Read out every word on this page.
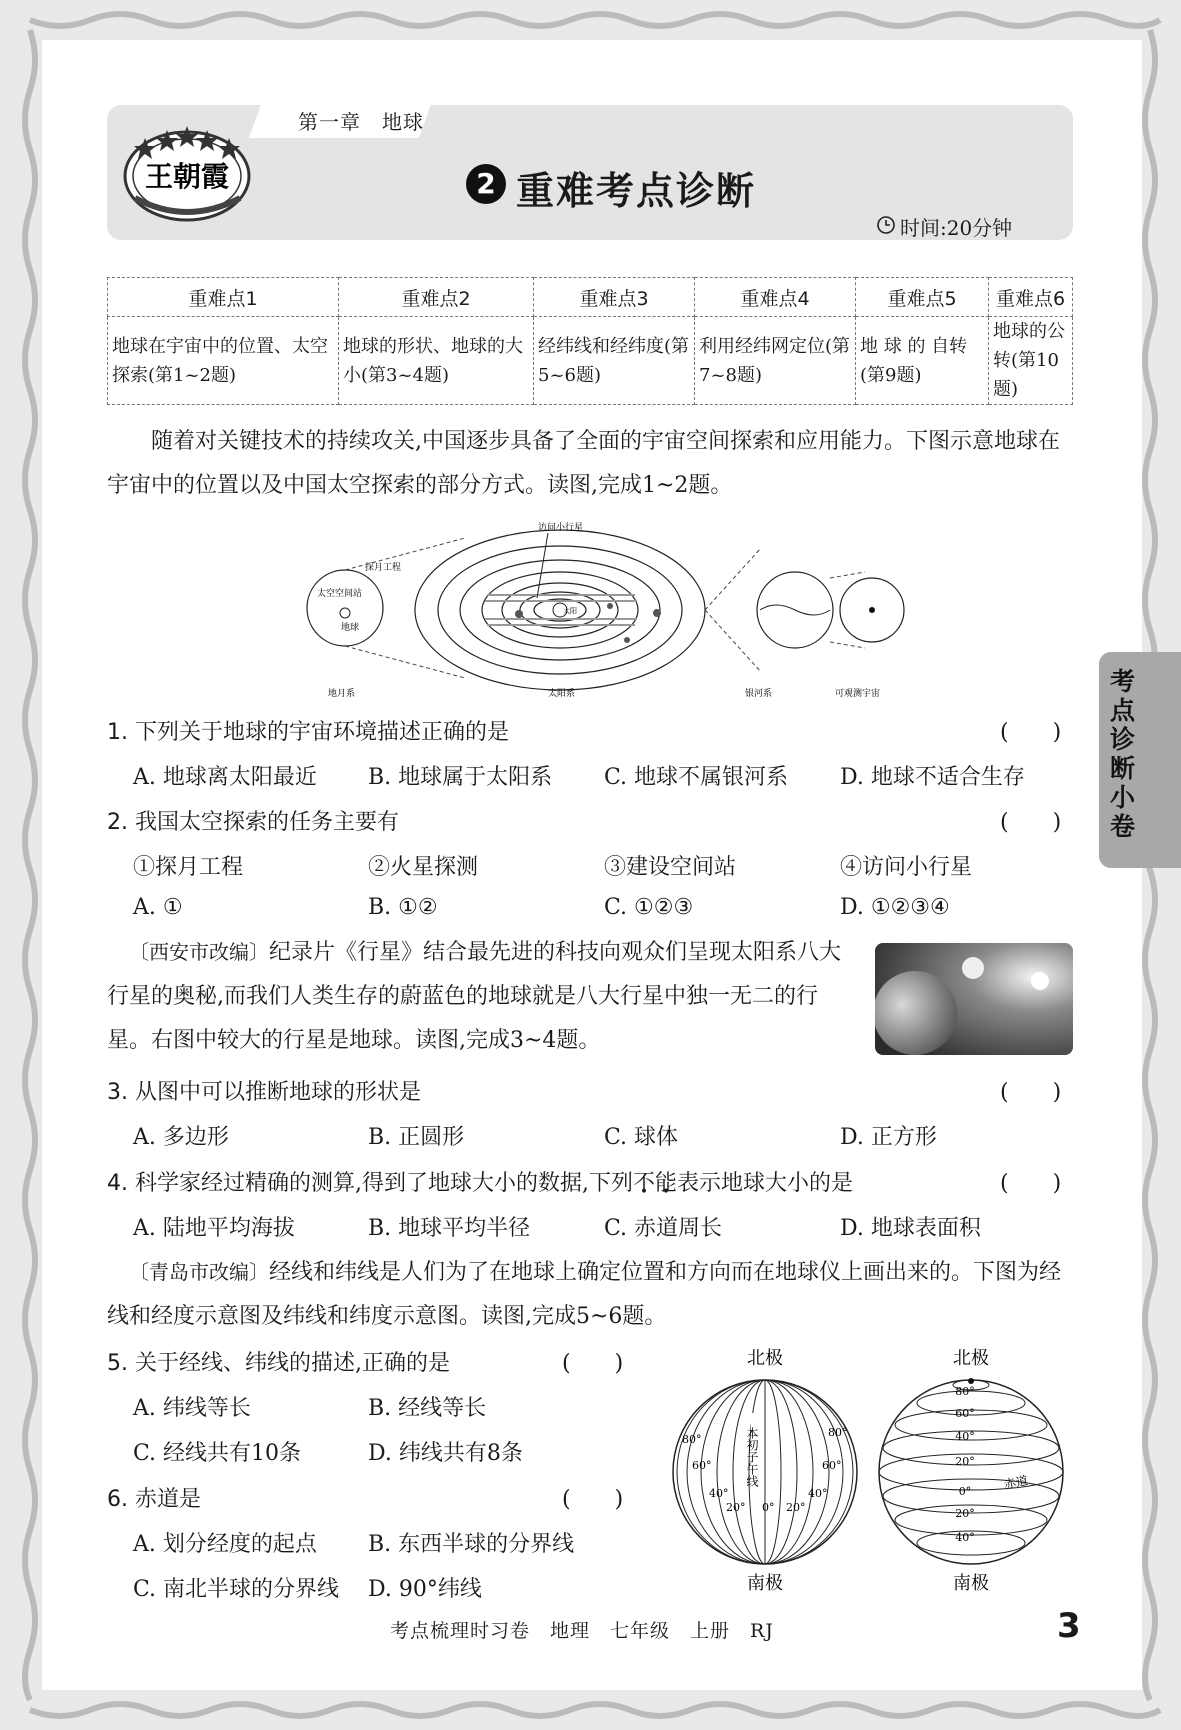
第一章　地球
王朝霞	2 重难考点诊断
时间:20分钟
重难点1	重难点2	重难点3	重难点4	重难点5	重难点6
地球在宇宙中的位置、太空探索(第1~2题)	地球的形状、地球的大小(第3~4题)	经纬线和经纬度(第5~6题)	利用经纬网定位(第7~8题)	地 球 的 自转(第9题)	地球的公转(第10题)
随着对关键技术的持续攻关,中国逐步具备了全面的宇宙空间探索和应用能力。下图示意地球在宇宙中的位置以及中国太空探索的部分方式。读图,完成1~2题。
太空空间站
地球
探月工程
太阳
访问小行星
地月系	太阳系	银河系	可观测宇宙	考点诊断小卷
1. 下列关于地球的宇宙环境描述正确的是	(　　)
A. 地球离太阳最近 B. 地球属于太阳系 C. 地球不属银河系 D. 地球不适合生存
2. 我国太空探索的任务主要有	(　　)
①探月工程	②火星探测	③建设空间站	④访问小行星
A. ①	B. ①②	C. ①②③	D. ①②③④
〔西安市改编〕纪录片《行星》结合最先进的科技向观众们呈现太阳系八大行星的奥秘,而我们人类生存的蔚蓝色的地球就是八大行星中独一无二的行星。右图中较大的行星是地球。读图,完成3~4题。
3. 从图中可以推断地球的形状是	(　　)
A. 多边形	B. 正圆形	C. 球体	D. 正方形
4. 科学家经过精确的测算,得到了地球大小的数据,下列不能表示地球大小的是	(　　)
A. 陆地平均海拔	B. 地球平均半径	C. 赤道周长	D. 地球表面积
〔青岛市改编〕经线和纬线是人们为了在地球上确定位置和方向而在地球仪上画出来的。下图为经线和经度示意图及纬线和纬度示意图。读图,完成5~6题。
5. 关于经线、纬线的描述,正确的是	(　　)
A. 纬线等长	B. 经线等长
C. 经线共有10条	D. 纬线共有8条
6. 赤道是	(　　)
A. 划分经度的起点 B. 东西半球的分界线
C. 南北半球的分界线 D. 90°纬线
北极
南极
本初子午线
80°
60°
40°
20° 0° 20°
40°
60°
80°
北极
南极
80°
60°
40°
20°
0°
20°
40°
赤道
考点梳理时习卷　地理　七年级　上册　RJ	3
